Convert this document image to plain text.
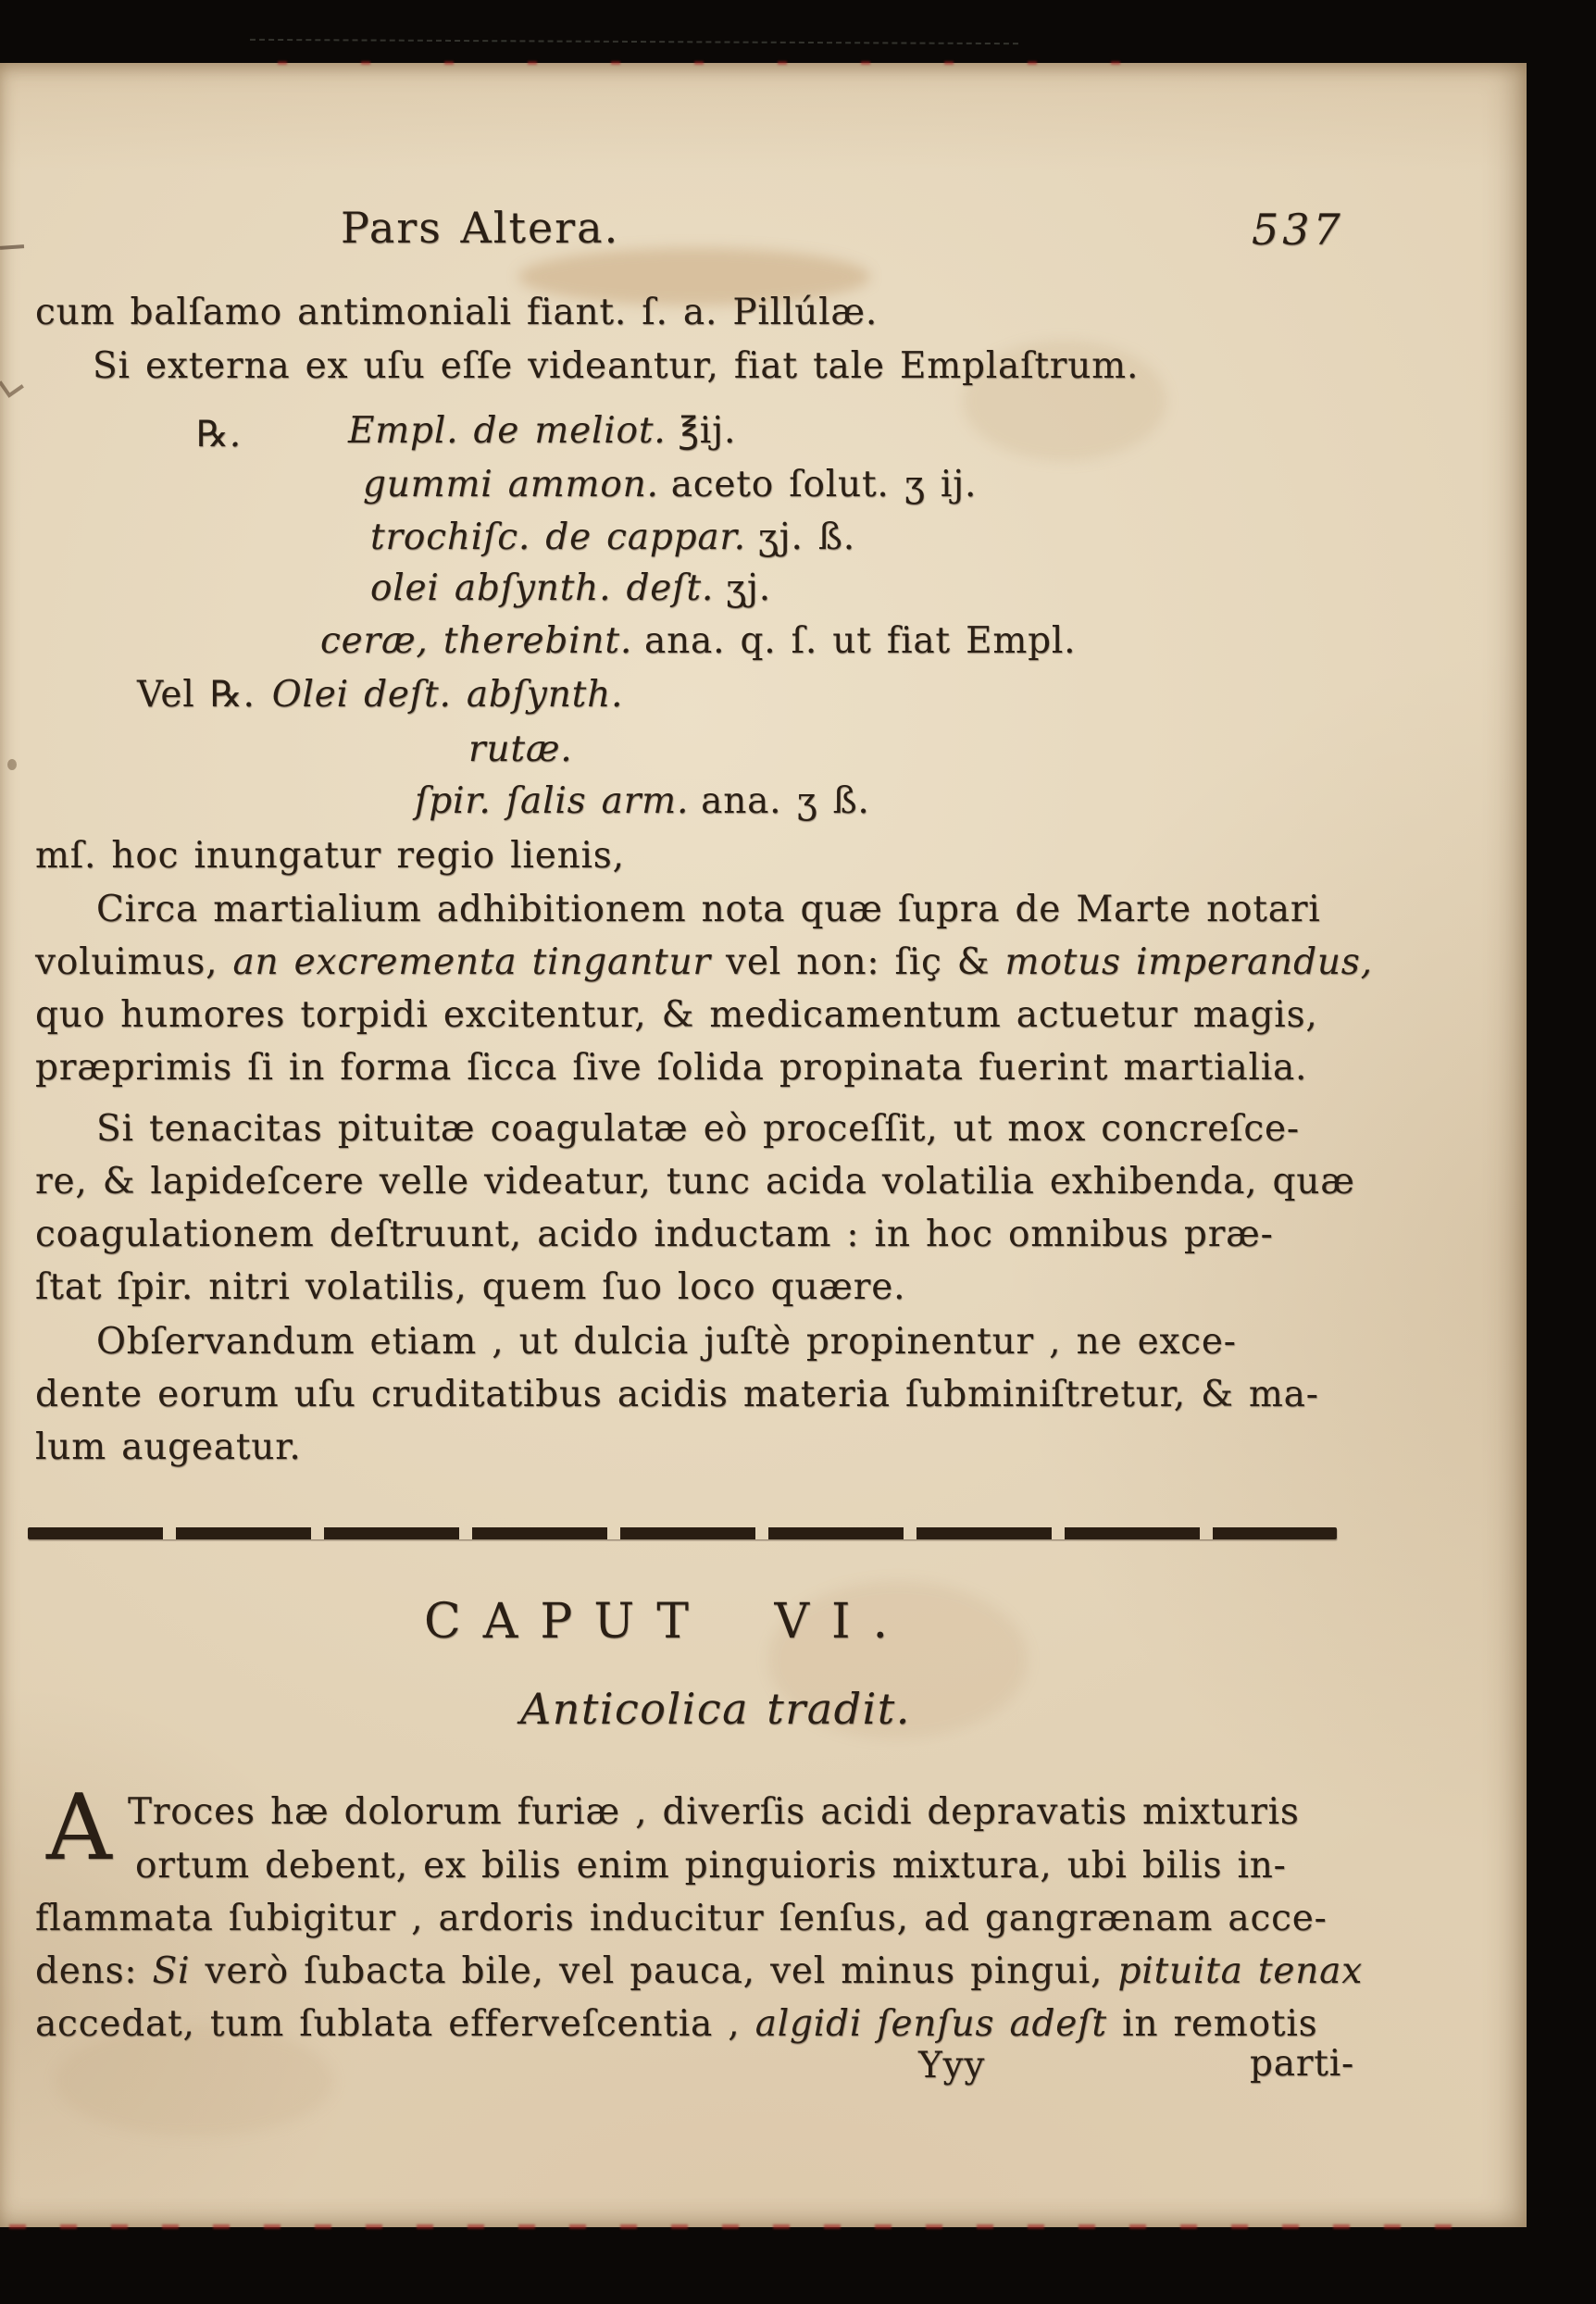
Pars Altera.	537
cum balſamo antimoniali fiant. ſ. a. Pillúlæ.
Si externa ex uſu eſſe videantur, fiat tale Emplaſtrum.
℞.	Empl. de meliot. ℥ij.
gummi ammon. aceto ſolut. ʒ ij.
trochiſc. de cappar. ʒj. ß.
olei abſynth. deſt. ʒj.
ceræ, therebint. ana. q. ſ. ut fiat Empl.
Vel ℞. Olei deſt. abſynth.
rutæ.
ſpir. ſalis arm. ana. ʒ ß.
mſ. hoc inungatur regio lienis,
Circa martialium adhibitionem nota quæ ſupra de Marte notari
voluimus, an excrementa tingantur vel non: ſiç & motus imperandus,
quo humores torpidi excitentur, & medicamentum actuetur magis,
præprimis ſi in forma ſicca ſive ſolida propinata fuerint martialia.
Si tenacitas pituitæ coagulatæ eò proceſſit, ut mox concreſce-
re, & lapideſcere velle videatur, tunc acida volatilia exhibenda, quæ
coagulationem deſtruunt, acido inductam : in hoc omnibus præ-
ſtat ſpir. nitri volatilis, quem ſuo loco quære.
Obſervandum etiam , ut dulcia juſtè propinentur , ne exce-
dente eorum uſu cruditatibus acidis materia ſubminiſtretur, & ma-
lum augeatur.
CAPUT VI.
Anticolica tradit.
A Troces hæ dolorum furiæ , diverſis acidi depravatis mixturis
ortum debent, ex bilis enim pinguioris mixtura, ubi bilis in-
flammata ſubigitur , ardoris inducitur ſenſus, ad gangrænam acce-
dens: Si verò ſubacta bile, vel pauca, vel minus pingui, pituita tenax
accedat, tum ſublata efferveſcentia , algidi ſenſus adeſt in remotis
Yyy	parti-
